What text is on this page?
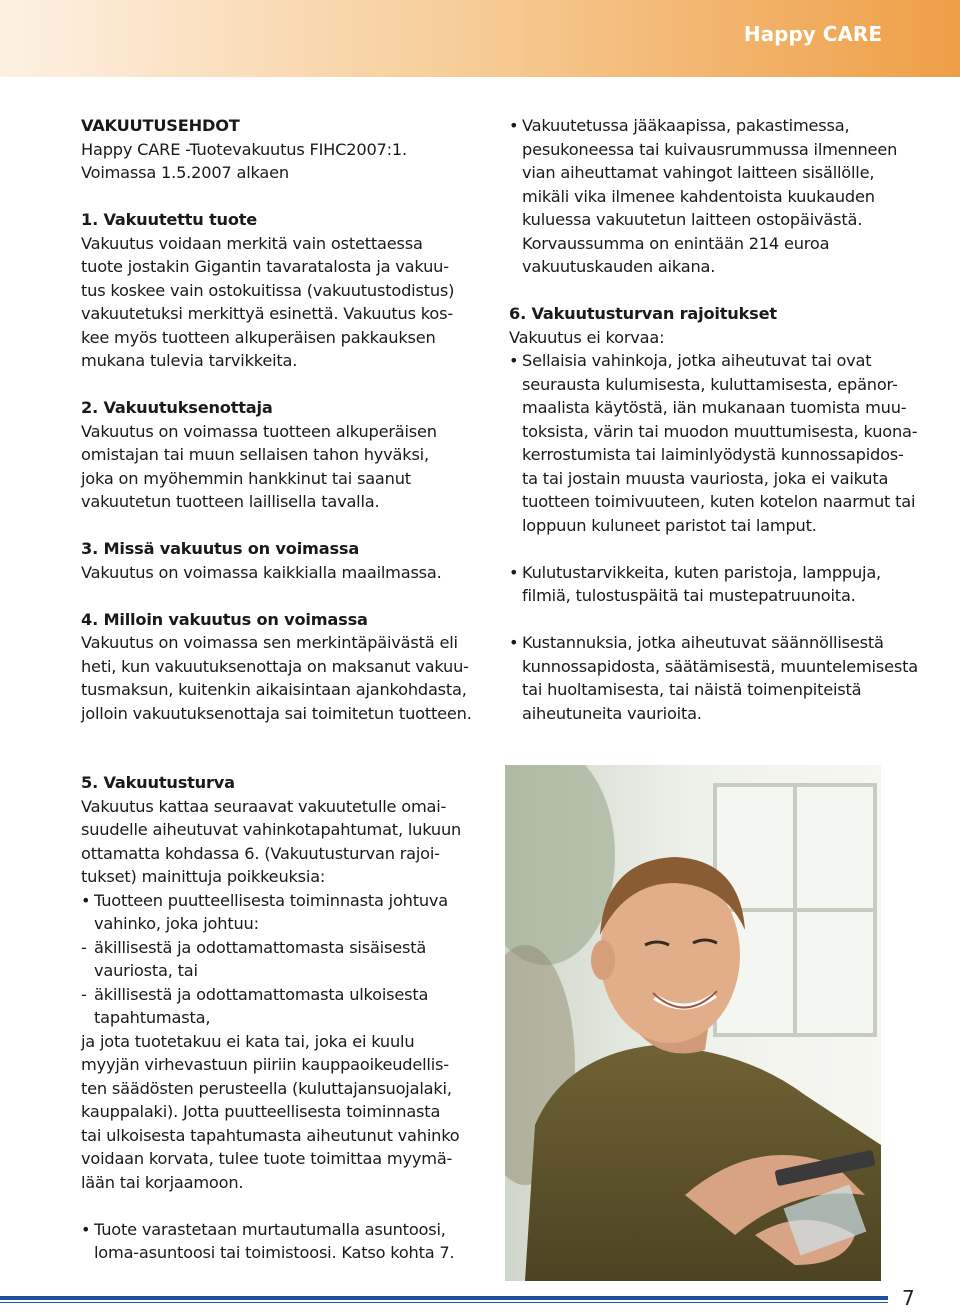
Happy CARE
VAKUUTUSEHDOT
Happy CARE -Tuotevakuutus FIHC2007:1.
Voimassa 1.5.2007 alkaen
1. Vakuutettu tuote
Vakuutus voidaan merkitä vain ostettaessa
tuote jostakin Gigantin tavaratalosta ja vakuu-
tus koskee vain ostokuitissa (vakuutustodistus)
vakuutetuksi merkittyä esinettä. Vakuutus kos-
kee myös tuotteen alkuperäisen pakkauksen
mukana tulevia tarvikkeita.
2. Vakuutuksenottaja
Vakuutus on voimassa tuotteen alkuperäisen
omistajan tai muun sellaisen tahon hyväksi,
joka on myöhemmin hankkinut tai saanut
vakuutetun tuotteen laillisella tavalla.
3. Missä vakuutus on voimassa
Vakuutus on voimassa kaikkialla maailmassa.
4. Milloin vakuutus on voimassa
Vakuutus on voimassa sen merkintäpäivästä eli
heti, kun vakuutuksenottaja on maksanut vakuu-
tusmaksun, kuitenkin aikaisintaan ajankohdasta,
jolloin vakuutuksenottaja sai toimitetun tuotteen.
5. Vakuutusturva
Vakuutus kattaa seuraavat vakuutetulle omai-
suudelle aiheutuvat vahinkotapahtumat, lukuun
ottamatta kohdassa 6. (Vakuutusturvan rajoi-
tukset) mainittuja poikkeuksia:
• Tuotteen puutteellisesta toiminnasta johtuva
vahinko, joka johtuu:
- äkillisestä ja odottamattomasta sisäisestä
vauriosta, tai
- äkillisestä ja odottamattomasta ulkoisesta
tapahtumasta,
ja jota tuotetakuu ei kata tai, joka ei kuulu
myyjän virhevastuun piiriin kauppaoikeudellis-
ten säädösten perusteella (kuluttajansuojalaki,
kauppalaki). Jotta puutteellisesta toiminnasta
tai ulkoisesta tapahtumasta aiheutunut vahinko
voidaan korvata, tulee tuote toimittaa myymä-
lään tai korjaamoon.
• Tuote varastetaan murtautumalla asuntoosi,
loma-asuntoosi tai toimistoosi. Katso kohta 7.
• Vakuutetussa jääkaapissa, pakastimessa,
pesukoneessa tai kuivausrummussa ilmenneen
vian aiheuttamat vahingot laitteen sisällölle,
mikäli vika ilmenee kahdentoista kuukauden
kuluessa vakuutetun laitteen ostopäivästä.
Korvaussumma on enintään 214 euroa
vakuutuskauden aikana.
6. Vakuutusturvan rajoitukset
Vakuutus ei korvaa:
• Sellaisia vahinkoja, jotka aiheutuvat tai ovat
seurausta kulumisesta, kuluttamisesta, epänor-
maalista käytöstä, iän mukanaan tuomista muu-
toksista, värin tai muodon muuttumisesta, kuona-
kerrostumista tai laiminlyödystä kunnossapidos-
ta tai jostain muusta vauriosta, joka ei vaikuta
tuotteen toimivuuteen, kuten kotelon naarmut tai
loppuun kuluneet paristot tai lamput.
• Kulutustarvikkeita, kuten paristoja, lamppuja,
filmiä, tulostuspäitä tai mustepatruunoita.
• Kustannuksia, jotka aiheutuvat säännöllisestä
kunnossapidosta, säätämisestä, muuntelemisesta
tai huoltamisesta, tai näistä toimenpiteistä
aiheutuneita vaurioita.
7
